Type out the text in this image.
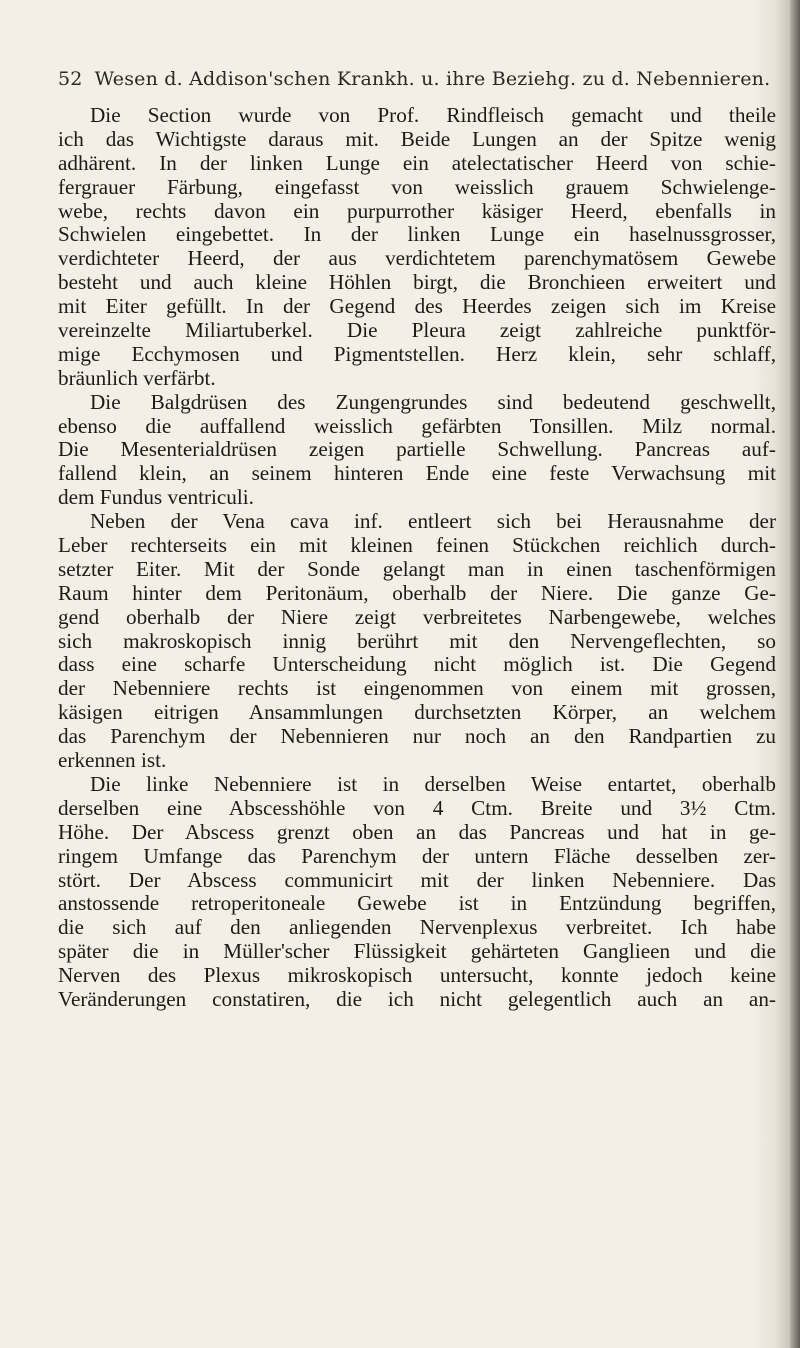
52 Wesen d. Addison'schen Krankh. u. ihre Beziehg. zu d. Nebennieren.
Die Section wurde von Prof. Rindfleisch gemacht und theile
ich das Wichtigste daraus mit. Beide Lungen an der Spitze wenig
adhärent. In der linken Lunge ein atelectatischer Heerd von schie-
fergrauer Färbung, eingefasst von weisslich grauem Schwielenge-
webe, rechts davon ein purpurrother käsiger Heerd, ebenfalls in
Schwielen eingebettet. In der linken Lunge ein haselnussgrosser,
verdichteter Heerd, der aus verdichtetem parenchymatösem Gewebe
besteht und auch kleine Höhlen birgt, die Bronchieen erweitert und
mit Eiter gefüllt. In der Gegend des Heerdes zeigen sich im Kreise
vereinzelte Miliartuberkel. Die Pleura zeigt zahlreiche punktför-
mige Ecchymosen und Pigmentstellen. Herz klein, sehr schlaff,
bräunlich verfärbt.
Die Balgdrüsen des Zungengrundes sind bedeutend geschwellt,
ebenso die auffallend weisslich gefärbten Tonsillen. Milz normal.
Die Mesenterialdrüsen zeigen partielle Schwellung. Pancreas auf-
fallend klein, an seinem hinteren Ende eine feste Verwachsung mit
dem Fundus ventriculi.
Neben der Vena cava inf. entleert sich bei Herausnahme der
Leber rechterseits ein mit kleinen feinen Stückchen reichlich durch-
setzter Eiter. Mit der Sonde gelangt man in einen taschenförmigen
Raum hinter dem Peritonäum, oberhalb der Niere. Die ganze Ge-
gend oberhalb der Niere zeigt verbreitetes Narbengewebe, welches
sich makroskopisch innig berührt mit den Nervengeflechten, so
dass eine scharfe Unterscheidung nicht möglich ist. Die Gegend
der Nebenniere rechts ist eingenommen von einem mit grossen,
käsigen eitrigen Ansammlungen durchsetzten Körper, an welchem
das Parenchym der Nebennieren nur noch an den Randpartien zu
erkennen ist.
Die linke Nebenniere ist in derselben Weise entartet, oberhalb
derselben eine Abscesshöhle von 4 Ctm. Breite und 3½ Ctm.
Höhe. Der Abscess grenzt oben an das Pancreas und hat in ge-
ringem Umfange das Parenchym der untern Fläche desselben zer-
stört. Der Abscess communicirt mit der linken Nebenniere. Das
anstossende retroperitoneale Gewebe ist in Entzündung begriffen,
die sich auf den anliegenden Nervenplexus verbreitet. Ich habe
später die in Müller'scher Flüssigkeit gehärteten Ganglieen und die
Nerven des Plexus mikroskopisch untersucht, konnte jedoch keine
Veränderungen constatiren, die ich nicht gelegentlich auch an an-
